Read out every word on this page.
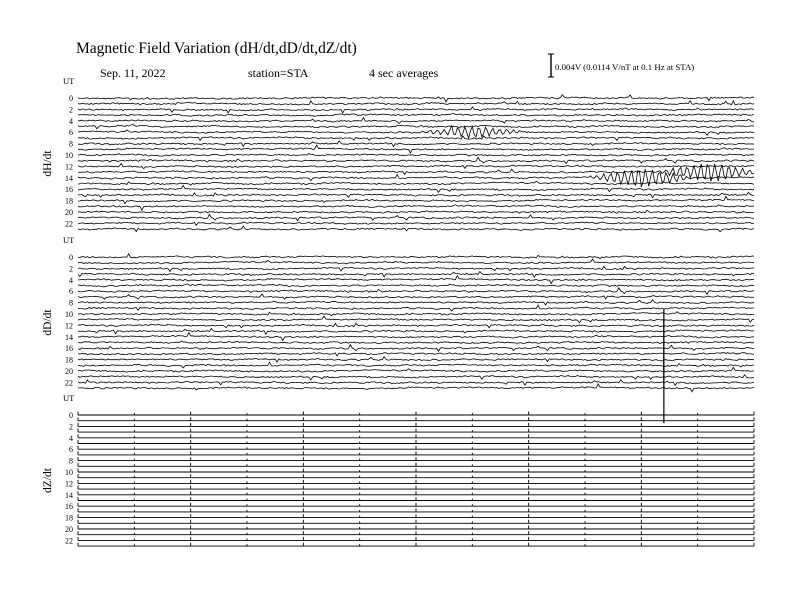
Magnetic Field Variation (dH/dt,dD/dt,dZ/dt)
Sep. 11, 2022	station=STA	4 sec averages	0.004V (0.0114 V/nT at 0.1 Hz at STA)
UT
dH/dt
0
2
4
6
8
10
12
14
16
18
20
22
UT
dD/dt
0
2
4
6
8
10
12
14
16
18
20
22
UT
dZ/dt
0
2
4
6
8
10
12
14
16
18
20
22
